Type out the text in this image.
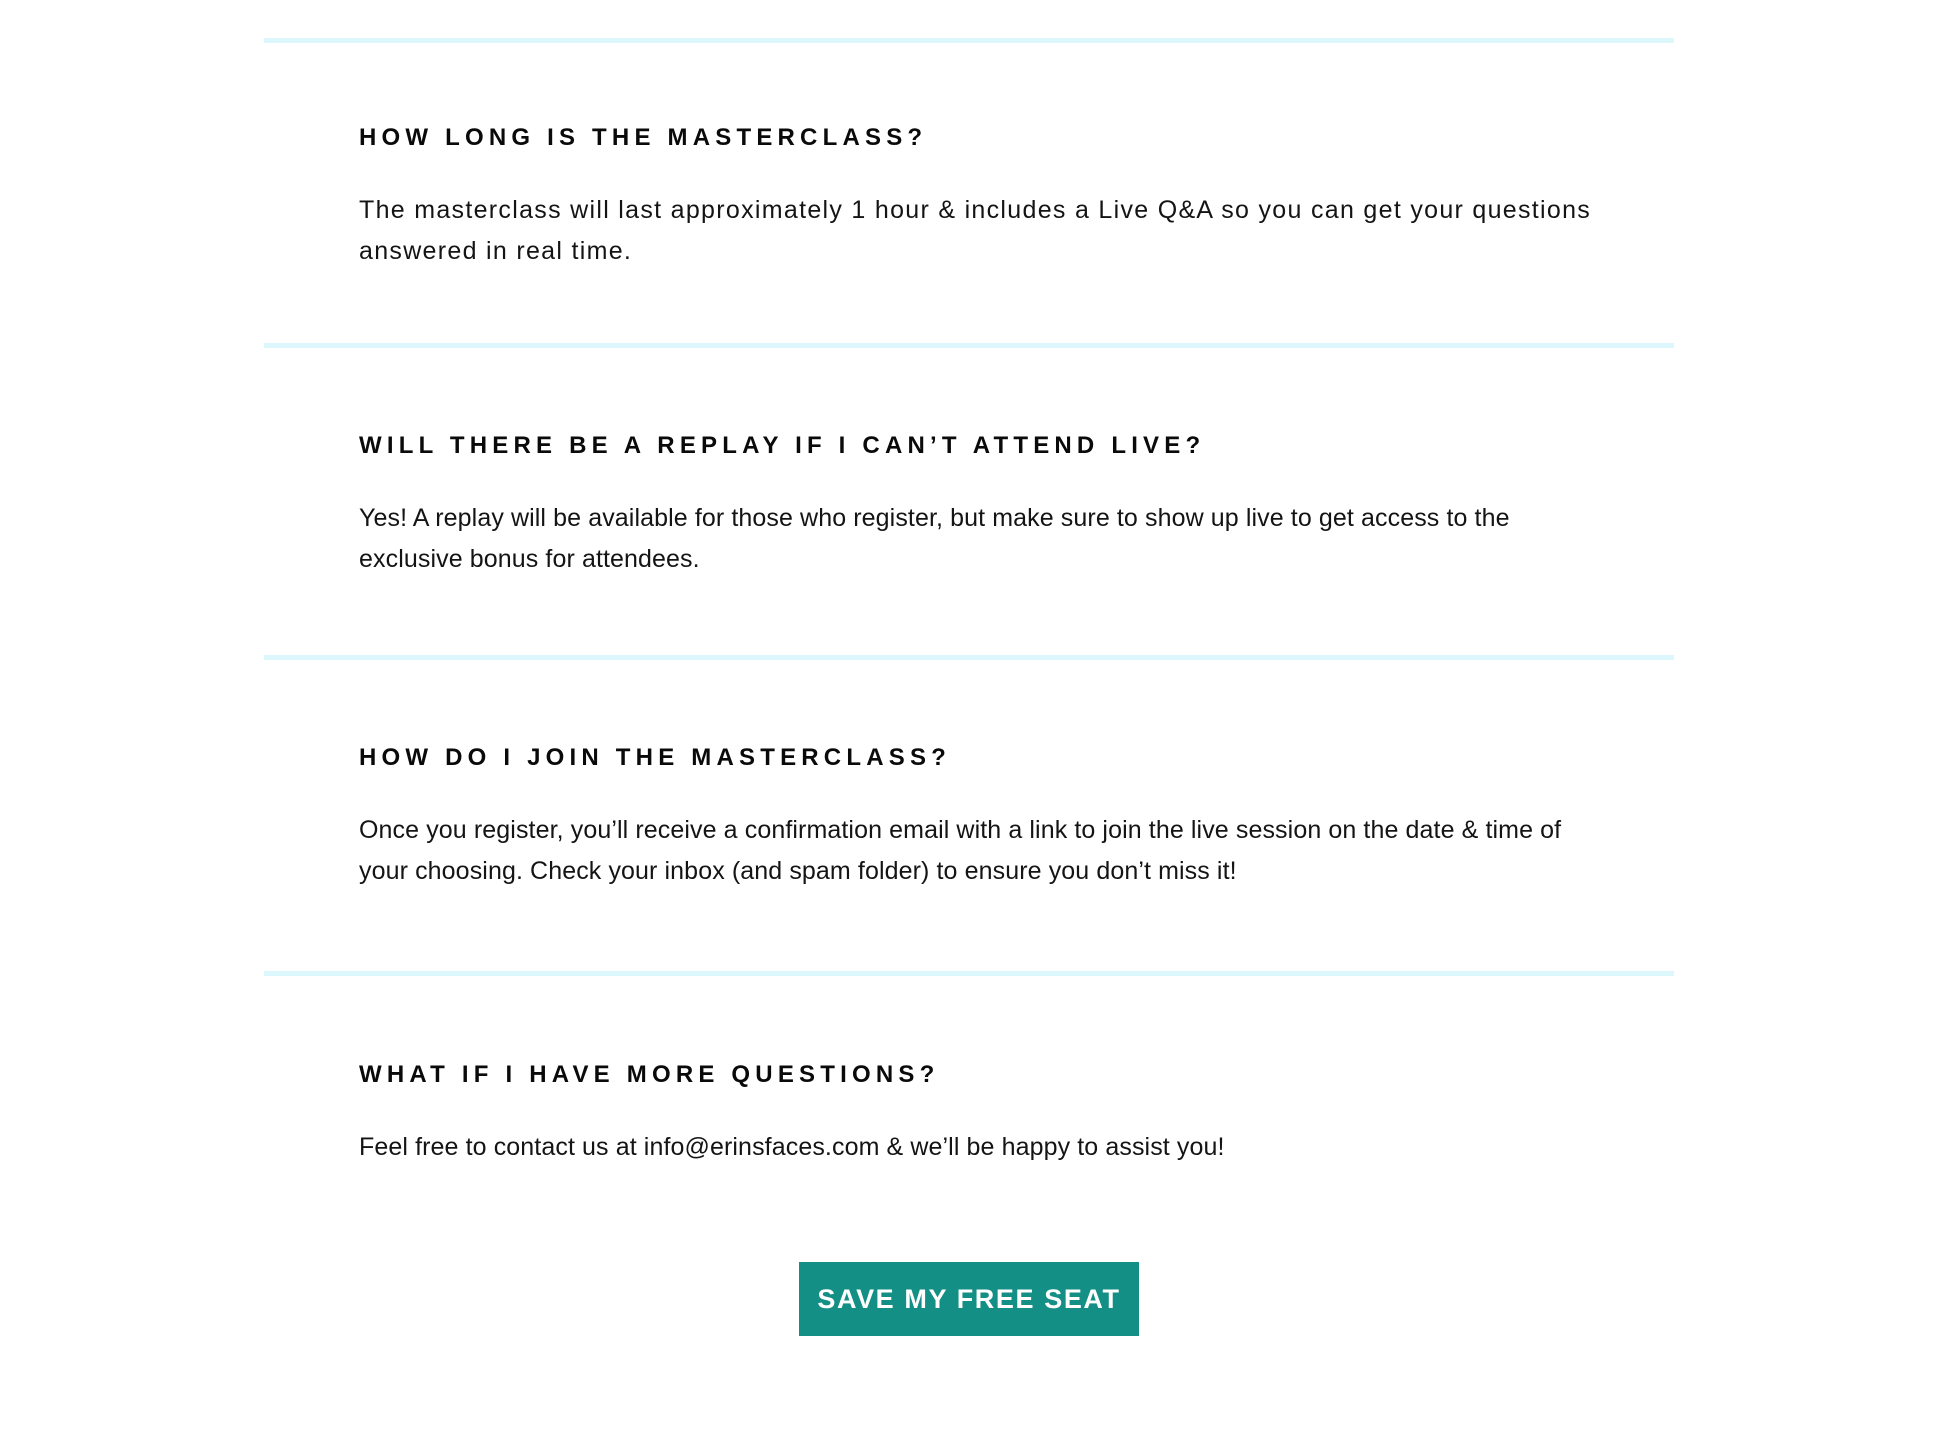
HOW LONG IS THE MASTERCLASS?

The masterclass will last approximately 1 hour & includes a Live Q&A so you can get your questions answered in real time.

WILL THERE BE A REPLAY IF I CAN’T ATTEND LIVE?

Yes! A replay will be available for those who register, but make sure to show up live to get access to the exclusive bonus for attendees.

HOW DO I JOIN THE MASTERCLASS?

Once you register, you’ll receive a confirmation email with a link to join the live session on the date & time of your choosing. Check your inbox (and spam folder) to ensure you don’t miss it!

WHAT IF I HAVE MORE QUESTIONS?

Feel free to contact us at info@erinsfaces.com & we’ll be happy to assist you!

SAVE MY FREE SEAT
